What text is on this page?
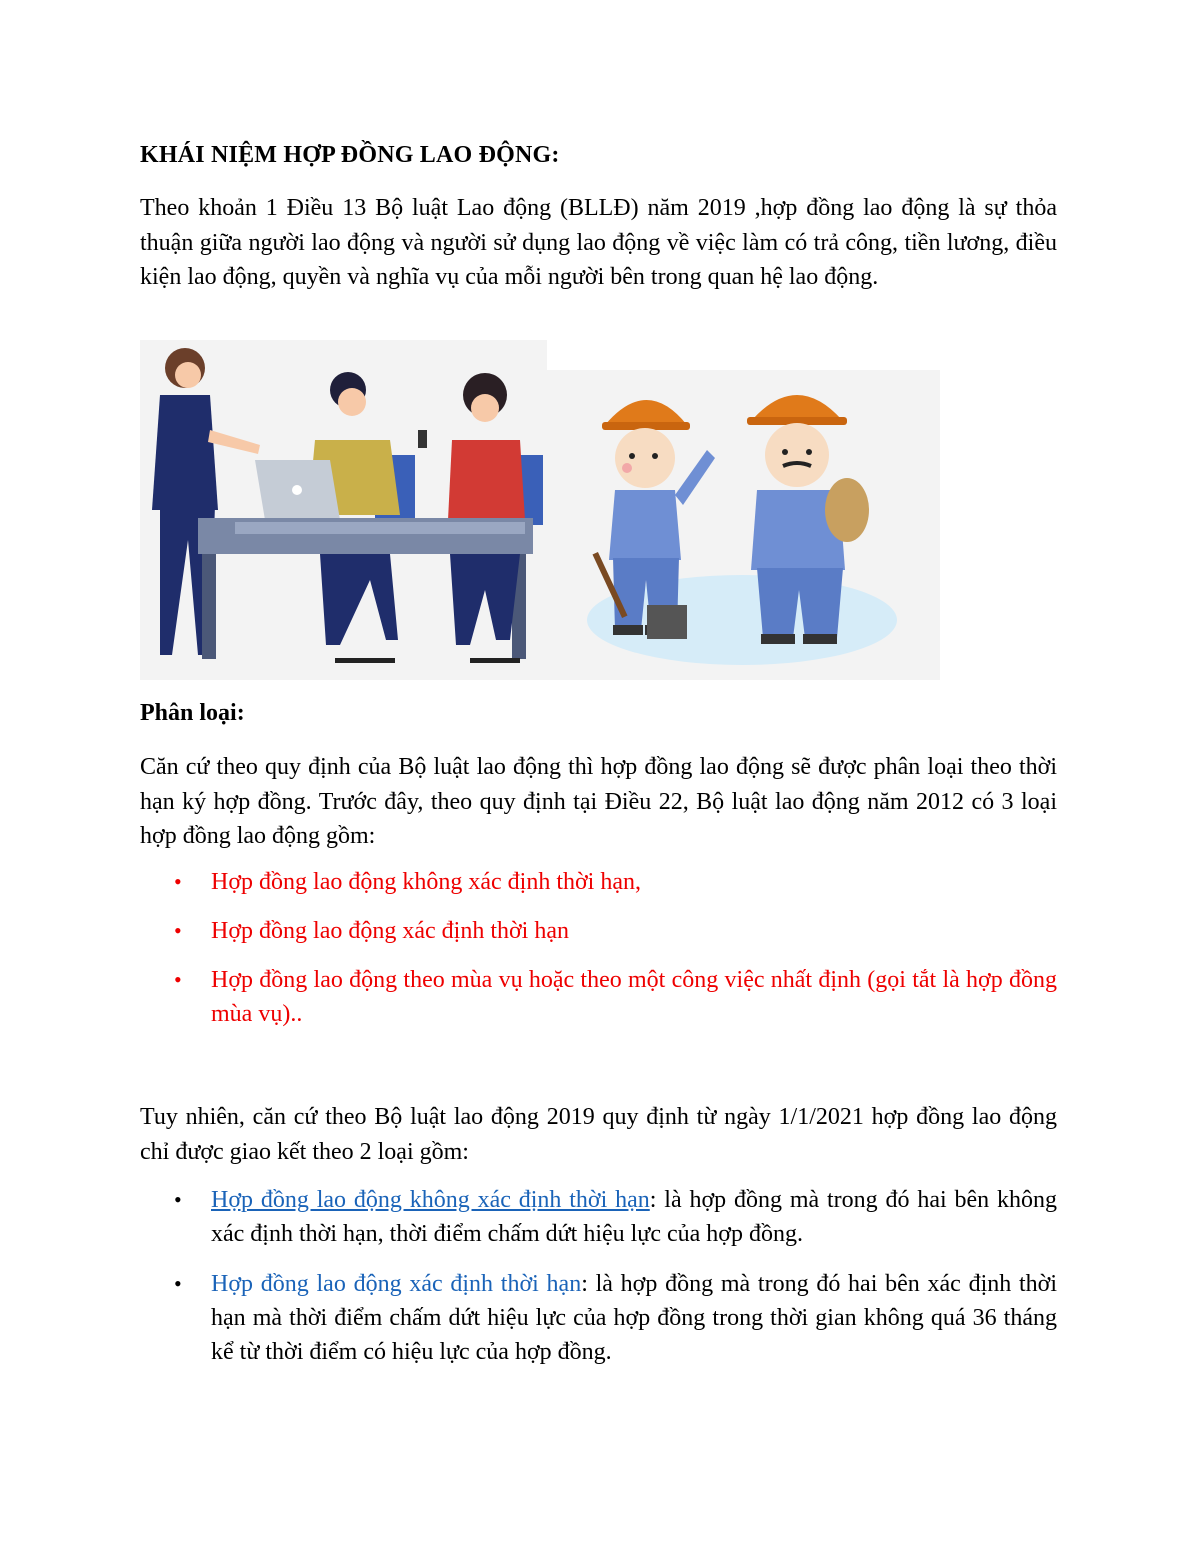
KHÁI NIỆM HỢP ĐỒNG LAO ĐỘNG:
Theo khoản 1 Điều 13 Bộ luật Lao động (BLLĐ) năm 2019 ,hợp đồng lao động là sự thỏa thuận giữa người lao động và người sử dụng lao động về việc làm có trả công, tiền lương, điều kiện lao động, quyền và nghĩa vụ của mỗi người bên trong quan hệ lao động.
Phân loại:
Căn cứ theo quy định của Bộ luật lao động thì hợp đồng lao động sẽ được phân loại theo thời hạn ký hợp đồng. Trước đây, theo quy định tại Điều 22, Bộ luật lao động năm 2012 có 3 loại hợp đồng lao động gồm:
• Hợp đồng lao động không xác định thời hạn,
• Hợp đồng lao động xác định thời hạn
• Hợp đồng lao động theo mùa vụ hoặc theo một công việc nhất định (gọi tắt là hợp đồng mùa vụ)..
Tuy nhiên, căn cứ theo Bộ luật lao động 2019 quy định từ ngày 1/1/2021 hợp đồng lao động chỉ được giao kết theo 2 loại gồm:
• Hợp đồng lao động không xác định thời hạn: là hợp đồng mà trong đó hai bên không xác định thời hạn, thời điểm chấm dứt hiệu lực của hợp đồng.
• Hợp đồng lao động xác định thời hạn: là hợp đồng mà trong đó hai bên xác định thời hạn mà thời điểm chấm dứt hiệu lực của hợp đồng trong thời gian không quá 36 tháng kể từ thời điểm có hiệu lực của hợp đồng.
